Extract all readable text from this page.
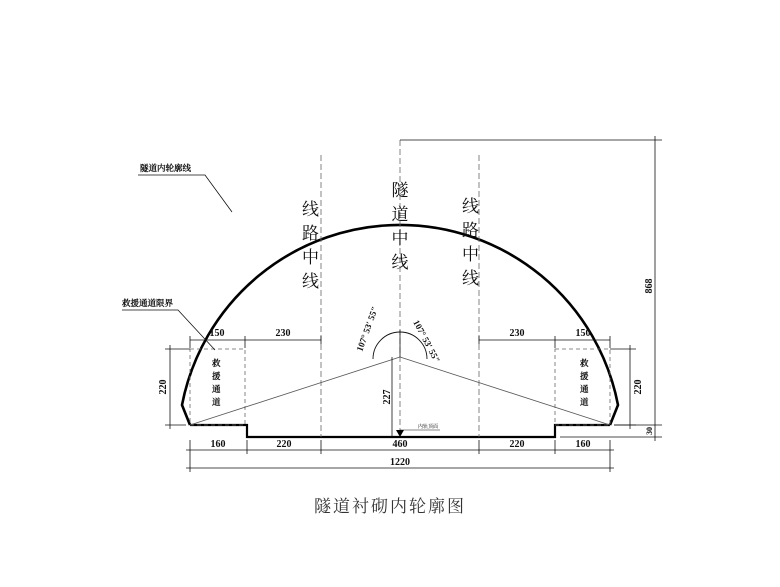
隧道内轮廓线
救援通道限界
隧道中线
线路中线
线路中线
救援通道
救援通道
内轨顶面
107° 53′ 55″	107° 53′ 55″
150	230	230	150
160	220	460	220	160
1220
220	220
227
868
30
隧道衬砌内轮廓图
